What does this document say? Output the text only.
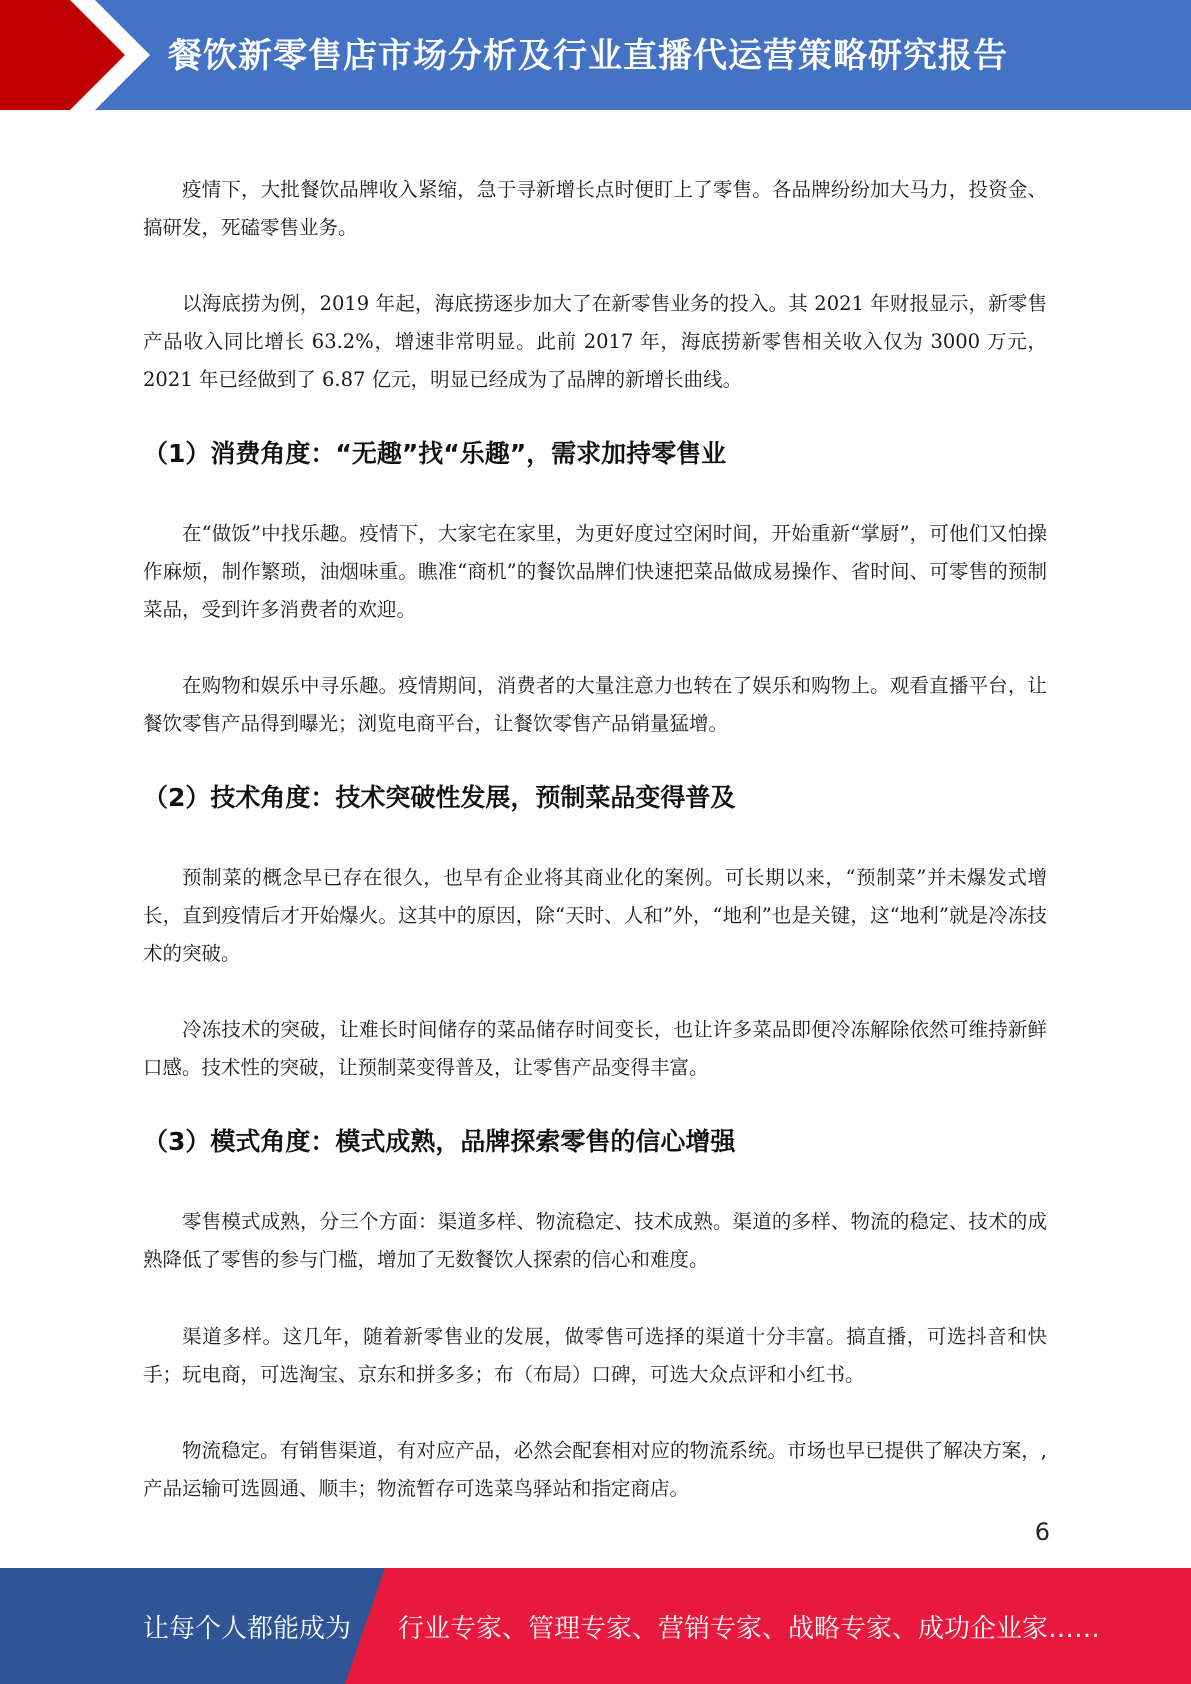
餐饮新零售店市场分析及行业直播代运营策略研究报告

疫情下，大批餐饮品牌收入紧缩，急于寻新增长点时便盯上了零售。各品牌纷纷加大马力，投资金、搞研发，死磕零售业务。

以海底捞为例，2019 年起，海底捞逐步加大了在新零售业务的投入。其 2021 年财报显示，新零售产品收入同比增长 63.2%，增速非常明显。此前 2017 年，海底捞新零售相关收入仅为 3000 万元，2021 年已经做到了 6.87 亿元，明显已经成为了品牌的新增长曲线。

（1）消费角度：“无趣”找“乐趣”，需求加持零售业

在“做饭”中找乐趣。疫情下，大家宅在家里，为更好度过空闲时间，开始重新“掌厨”，可他们又怕操作麻烦，制作繁琐，油烟味重。瞧准“商机”的餐饮品牌们快速把菜品做成易操作、省时间、可零售的预制菜品，受到许多消费者的欢迎。

在购物和娱乐中寻乐趣。疫情期间，消费者的大量注意力也转在了娱乐和购物上。观看直播平台，让餐饮零售产品得到曝光；浏览电商平台，让餐饮零售产品销量猛增。

（2）技术角度：技术突破性发展，预制菜品变得普及

预制菜的概念早已存在很久，也早有企业将其商业化的案例。可长期以来，“预制菜”并未爆发式增长，直到疫情后才开始爆火。这其中的原因，除“天时、人和”外，“地利”也是关键，这“地利”就是冷冻技术的突破。

冷冻技术的突破，让难长时间储存的菜品储存时间变长，也让许多菜品即便冷冻解除依然可维持新鲜口感。技术性的突破，让预制菜变得普及，让零售产品变得丰富。

（3）模式角度：模式成熟，品牌探索零售的信心增强

零售模式成熟，分三个方面：渠道多样、物流稳定、技术成熟。渠道的多样、物流的稳定、技术的成熟降低了零售的参与门槛，增加了无数餐饮人探索的信心和难度。

渠道多样。这几年，随着新零售业的发展，做零售可选择的渠道十分丰富。搞直播，可选抖音和快手；玩电商，可选淘宝、京东和拼多多；布（布局）口碑，可选大众点评和小红书。

物流稳定。有销售渠道，有对应产品，必然会配套相对应的物流系统。市场也早已提供了解决方案，,产品运输可选圆通、顺丰；物流暂存可选菜鸟驿站和指定商店。

6
让每个人都能成为 行业专家、管理专家、营销专家、战略专家、成功企业家……
